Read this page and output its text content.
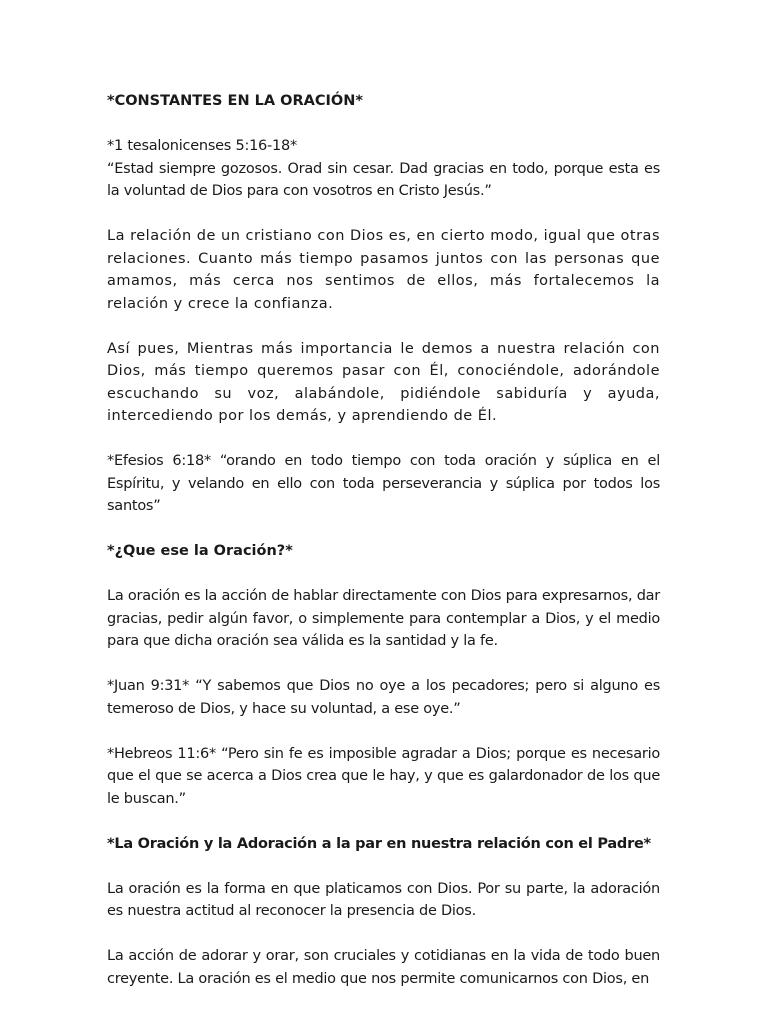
*CONSTANTES EN LA ORACIÓN*
*1 tesalonicenses 5:16-18*
“Estad siempre gozosos. Orad sin cesar. Dad gracias en todo, porque esta es la voluntad de Dios para con vosotros en Cristo Jesús.”
La relación de un cristiano con Dios es, en cierto modo, igual que otras relaciones. Cuanto más tiempo pasamos juntos con las personas que amamos, más cerca nos sentimos de ellos, más fortalecemos la relación y crece la confianza.
Así pues, Mientras más importancia le demos a nuestra relación con Dios, más tiempo queremos pasar con Él, conociéndole, adorándole escuchando su voz, alabándole, pidiéndole sabiduría y ayuda, intercediendo por los demás, y aprendiendo de Él.
*Efesios 6:18* “orando en todo tiempo con toda oración y súplica en el Espíritu, y velando en ello con toda perseverancia y súplica por todos los santos”
*¿Que ese la Oración?*
La oración es la acción de hablar directamente con Dios para expresarnos, dar gracias, pedir algún favor, o simplemente para contemplar a Dios, y el medio para que dicha oración sea válida es la santidad y la fe.
*Juan 9:31* “Y sabemos que Dios no oye a los pecadores; pero si alguno es temeroso de Dios, y hace su voluntad, a ese oye.”
*Hebreos 11:6* “Pero sin fe es imposible agradar a Dios; porque es necesario que el que se acerca a Dios crea que le hay, y que es galardonador de los que le buscan.”
*La Oración y la Adoración a la par en nuestra relación con el Padre*
La oración es la forma en que platicamos con Dios. Por su parte, la adoración es nuestra actitud al reconocer la presencia de Dios.
La acción de adorar y orar, son cruciales y cotidianas en la vida de todo buen creyente. La oración es el medio que nos permite comunicarnos con Dios, en
